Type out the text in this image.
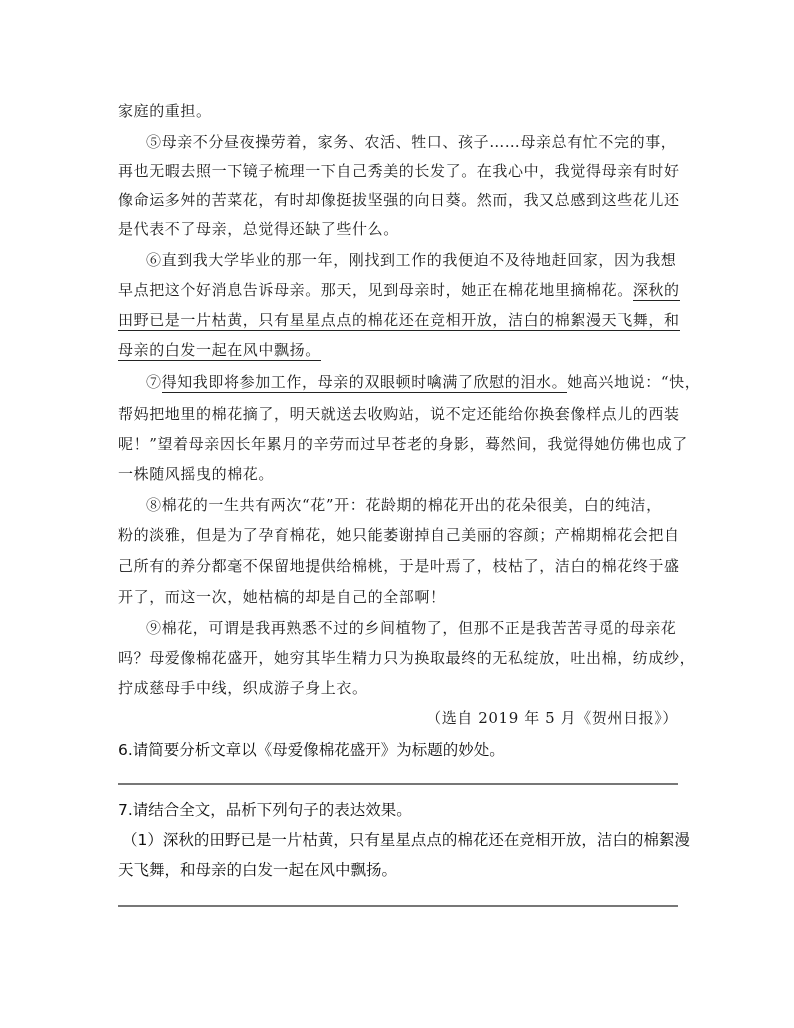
家庭的重担。
⑤母亲不分昼夜操劳着，家务、农活、牲口、孩子……母亲总有忙不完的事，
再也无暇去照一下镜子梳理一下自己秀美的长发了。在我心中，我觉得母亲有时好
像命运多舛的苦菜花，有时却像挺拔坚强的向日葵。然而，我又总感到这些花儿还
是代表不了母亲，总觉得还缺了些什么。
⑥直到我大学毕业的那一年，刚找到工作的我便迫不及待地赶回家，因为我想
早点把这个好消息告诉母亲。那天，见到母亲时，她正在棉花地里摘棉花。深秋的
田野已是一片枯黄，只有星星点点的棉花还在竞相开放，洁白的棉絮漫天飞舞，和
母亲的白发一起在风中飘扬。
⑦得知我即将参加工作，母亲的双眼顿时噙满了欣慰的泪水。她高兴地说：“快，
帮妈把地里的棉花摘了，明天就送去收购站，说不定还能给你换套像样点儿的西装
呢！”望着母亲因长年累月的辛劳而过早苍老的身影，蓦然间，我觉得她仿佛也成了
一株随风摇曳的棉花。
⑧棉花的一生共有两次“花”开：花龄期的棉花开出的花朵很美，白的纯洁，
粉的淡雅，但是为了孕育棉花，她只能萎谢掉自己美丽的容颜；产棉期棉花会把自
己所有的养分都毫不保留地提供给棉桃，于是叶焉了，枝枯了，洁白的棉花终于盛
开了，而这一次，她枯槁的却是自己的全部啊！
⑨棉花，可谓是我再熟悉不过的乡间植物了，但那不正是我苦苦寻觅的母亲花
吗？母爱像棉花盛开，她穷其毕生精力只为换取最终的无私绽放，吐出棉，纺成纱，
拧成慈母手中线，织成游子身上衣。
（选自 2019 年 5 月《贺州日报》）
6.请简要分析文章以《母爱像棉花盛开》为标题的妙处。
7.请结合全文，品析下列句子的表达效果。
（1）深秋的田野已是一片枯黄，只有星星点点的棉花还在竞相开放，洁白的棉絮漫
天飞舞，和母亲的白发一起在风中飘扬。
